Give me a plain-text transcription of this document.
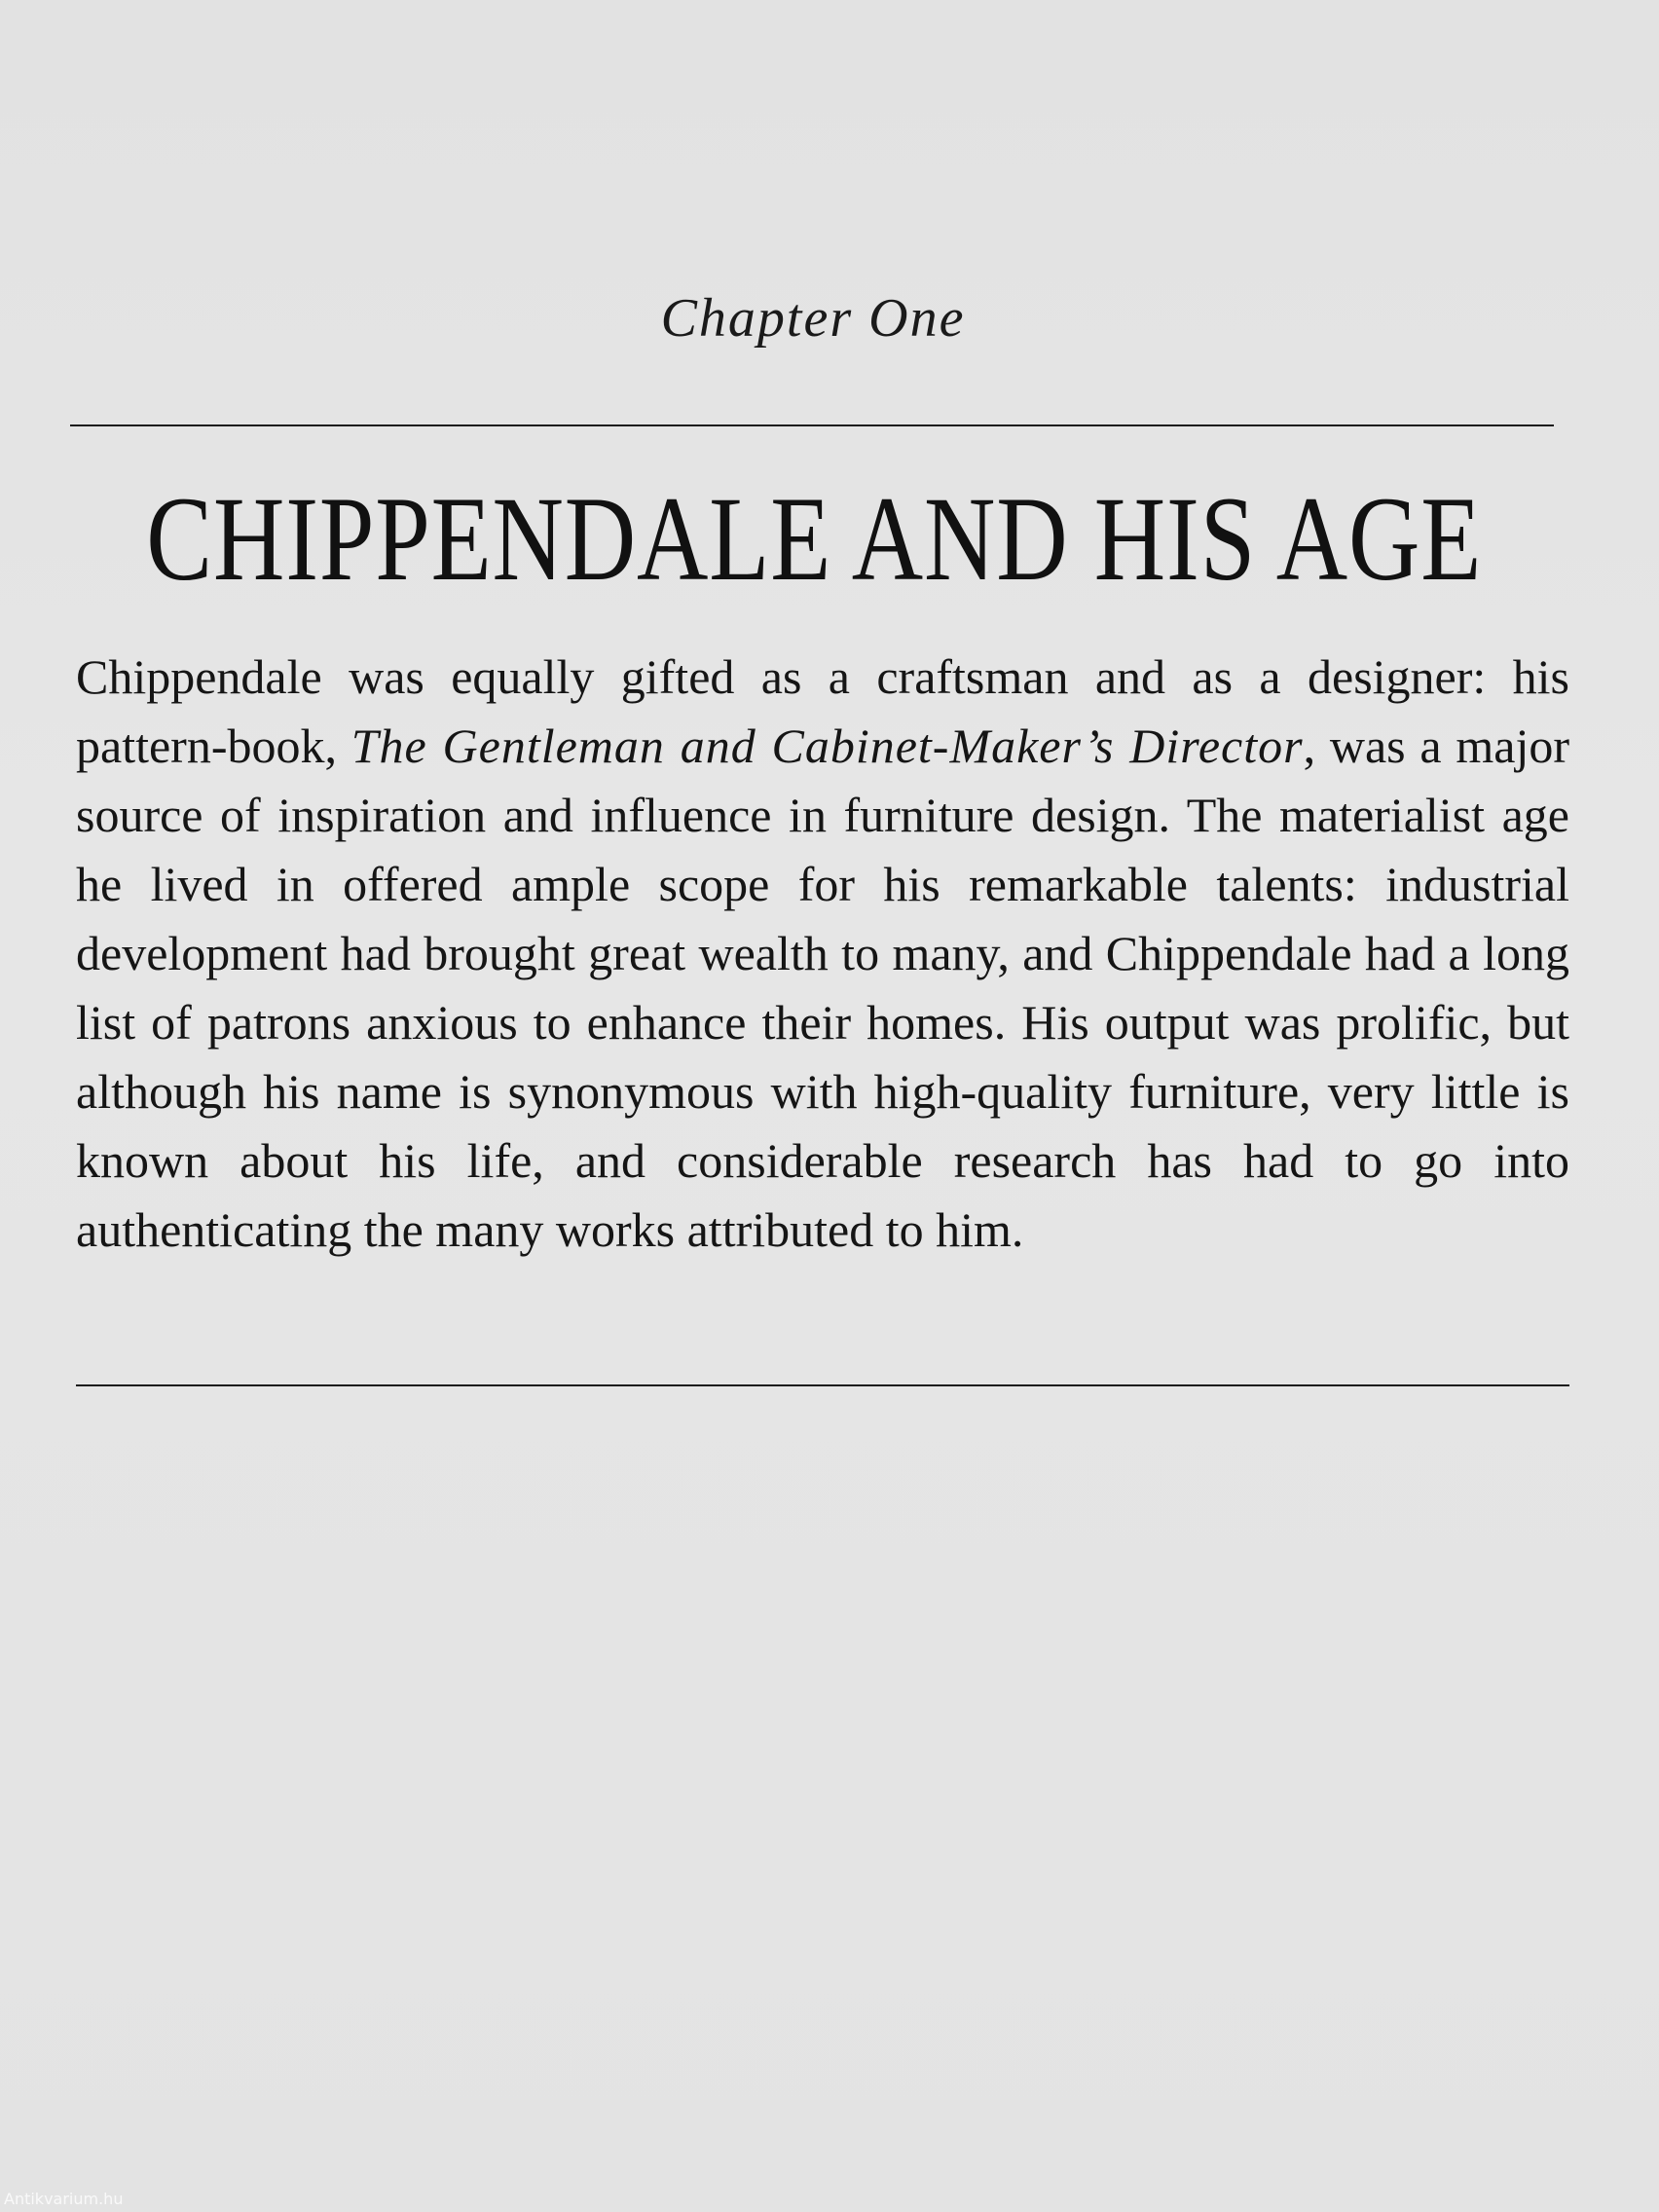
Chapter One
CHIPPENDALE AND HIS AGE

Chippendale was equally gifted as a craftsman and as a designer: his pattern-book, The Gentleman and Cabinet-Maker’s Director, was a major source of inspiration and influence in furniture design. The materialist age he lived in offered ample scope for his remarkable talents: industrial development had brought great wealth to many, and Chippendale had a long list of patrons anxious to enhance their homes. His output was prolific, but although his name is synonymous with high-quality furniture, very little is known about his life, and considerable research has had to go into authenticating the many works attributed to him.

Antikvarium.hu
